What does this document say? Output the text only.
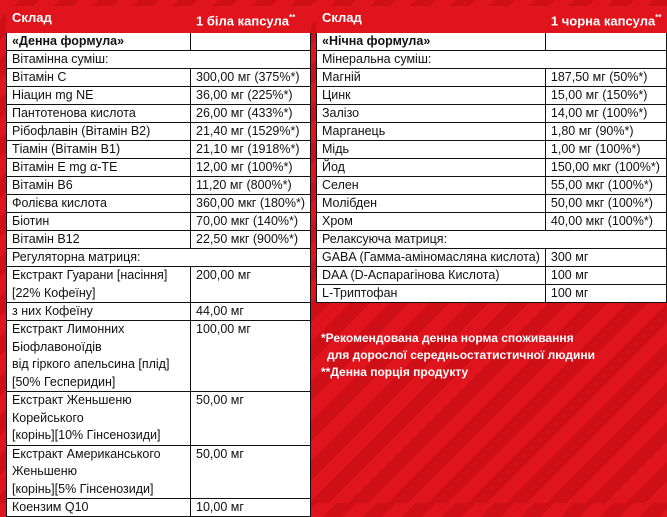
Склад	1 біла капсула**
«Денна формула»	
Вітамінна суміш:	
Вітамін C	300,00 мг (375%*)
Ніацин mg NE	36,00 мг (225%*)
Пантотенова кислота	26,00 мг (433%*)
Рібофлавін (Вітамін B2)	21,40 мг (1529%*)
Тіамін (Вітамін B1)	21,10 мг (1918%*)
Вітамін E mg α-TE	12,00 мг (100%*)
Вітамін B6	11,20 мг (800%*)
Фолієва кислота	360,00 мкг (180%*)
Біотин	70,00 мкг (140%*)
Вітамін B12	22,50 мкг (900%*)
Регуляторна матриця:	

Екстракт Гуарани [насіння]
[22% Кофеїну]	200,00 мг
з них Кофеїну	44,00 мг

Екстракт Лимонних Біофлавоноїдів
від гіркого апельсина [плід]
[50% Гесперидин]	100,00 мг

Екстракт Женьшеню Корейського
[корінь][10% Гінсенозиди]	50,00 мг

Екстракт Американського Женьшеню
[корінь][5% Гінсенозиди]	50,00 мг
Коензим Q10	10,00 мг
Склад	1 чорна капсула**
«Нічна формула»	
Мінеральна суміш:	
Магній	187,50 мг (50%*)
Цинк	15,00 мг (150%*)
Залізо	14,00 мг (100%*)
Марганець	1,80 мг (90%*)
Мідь	1,00 мг (100%*)
Йод	150,00 мкг (100%*)
Селен	55,00 мкг (100%*)
Молібден	50,00 мкг (100%*)
Хром	40,00 мкг (100%*)
Релаксуюча матриця:	
GABA (Гамма-аміномасляна кислота)	300 мг
DAA (D-Аспарагінова Кислота)	100 мг
L-Триптофан	100 мг
*Рекомендована денна норма споживання
для дорослої середньостатистичної людини
**Денна порція продукту
